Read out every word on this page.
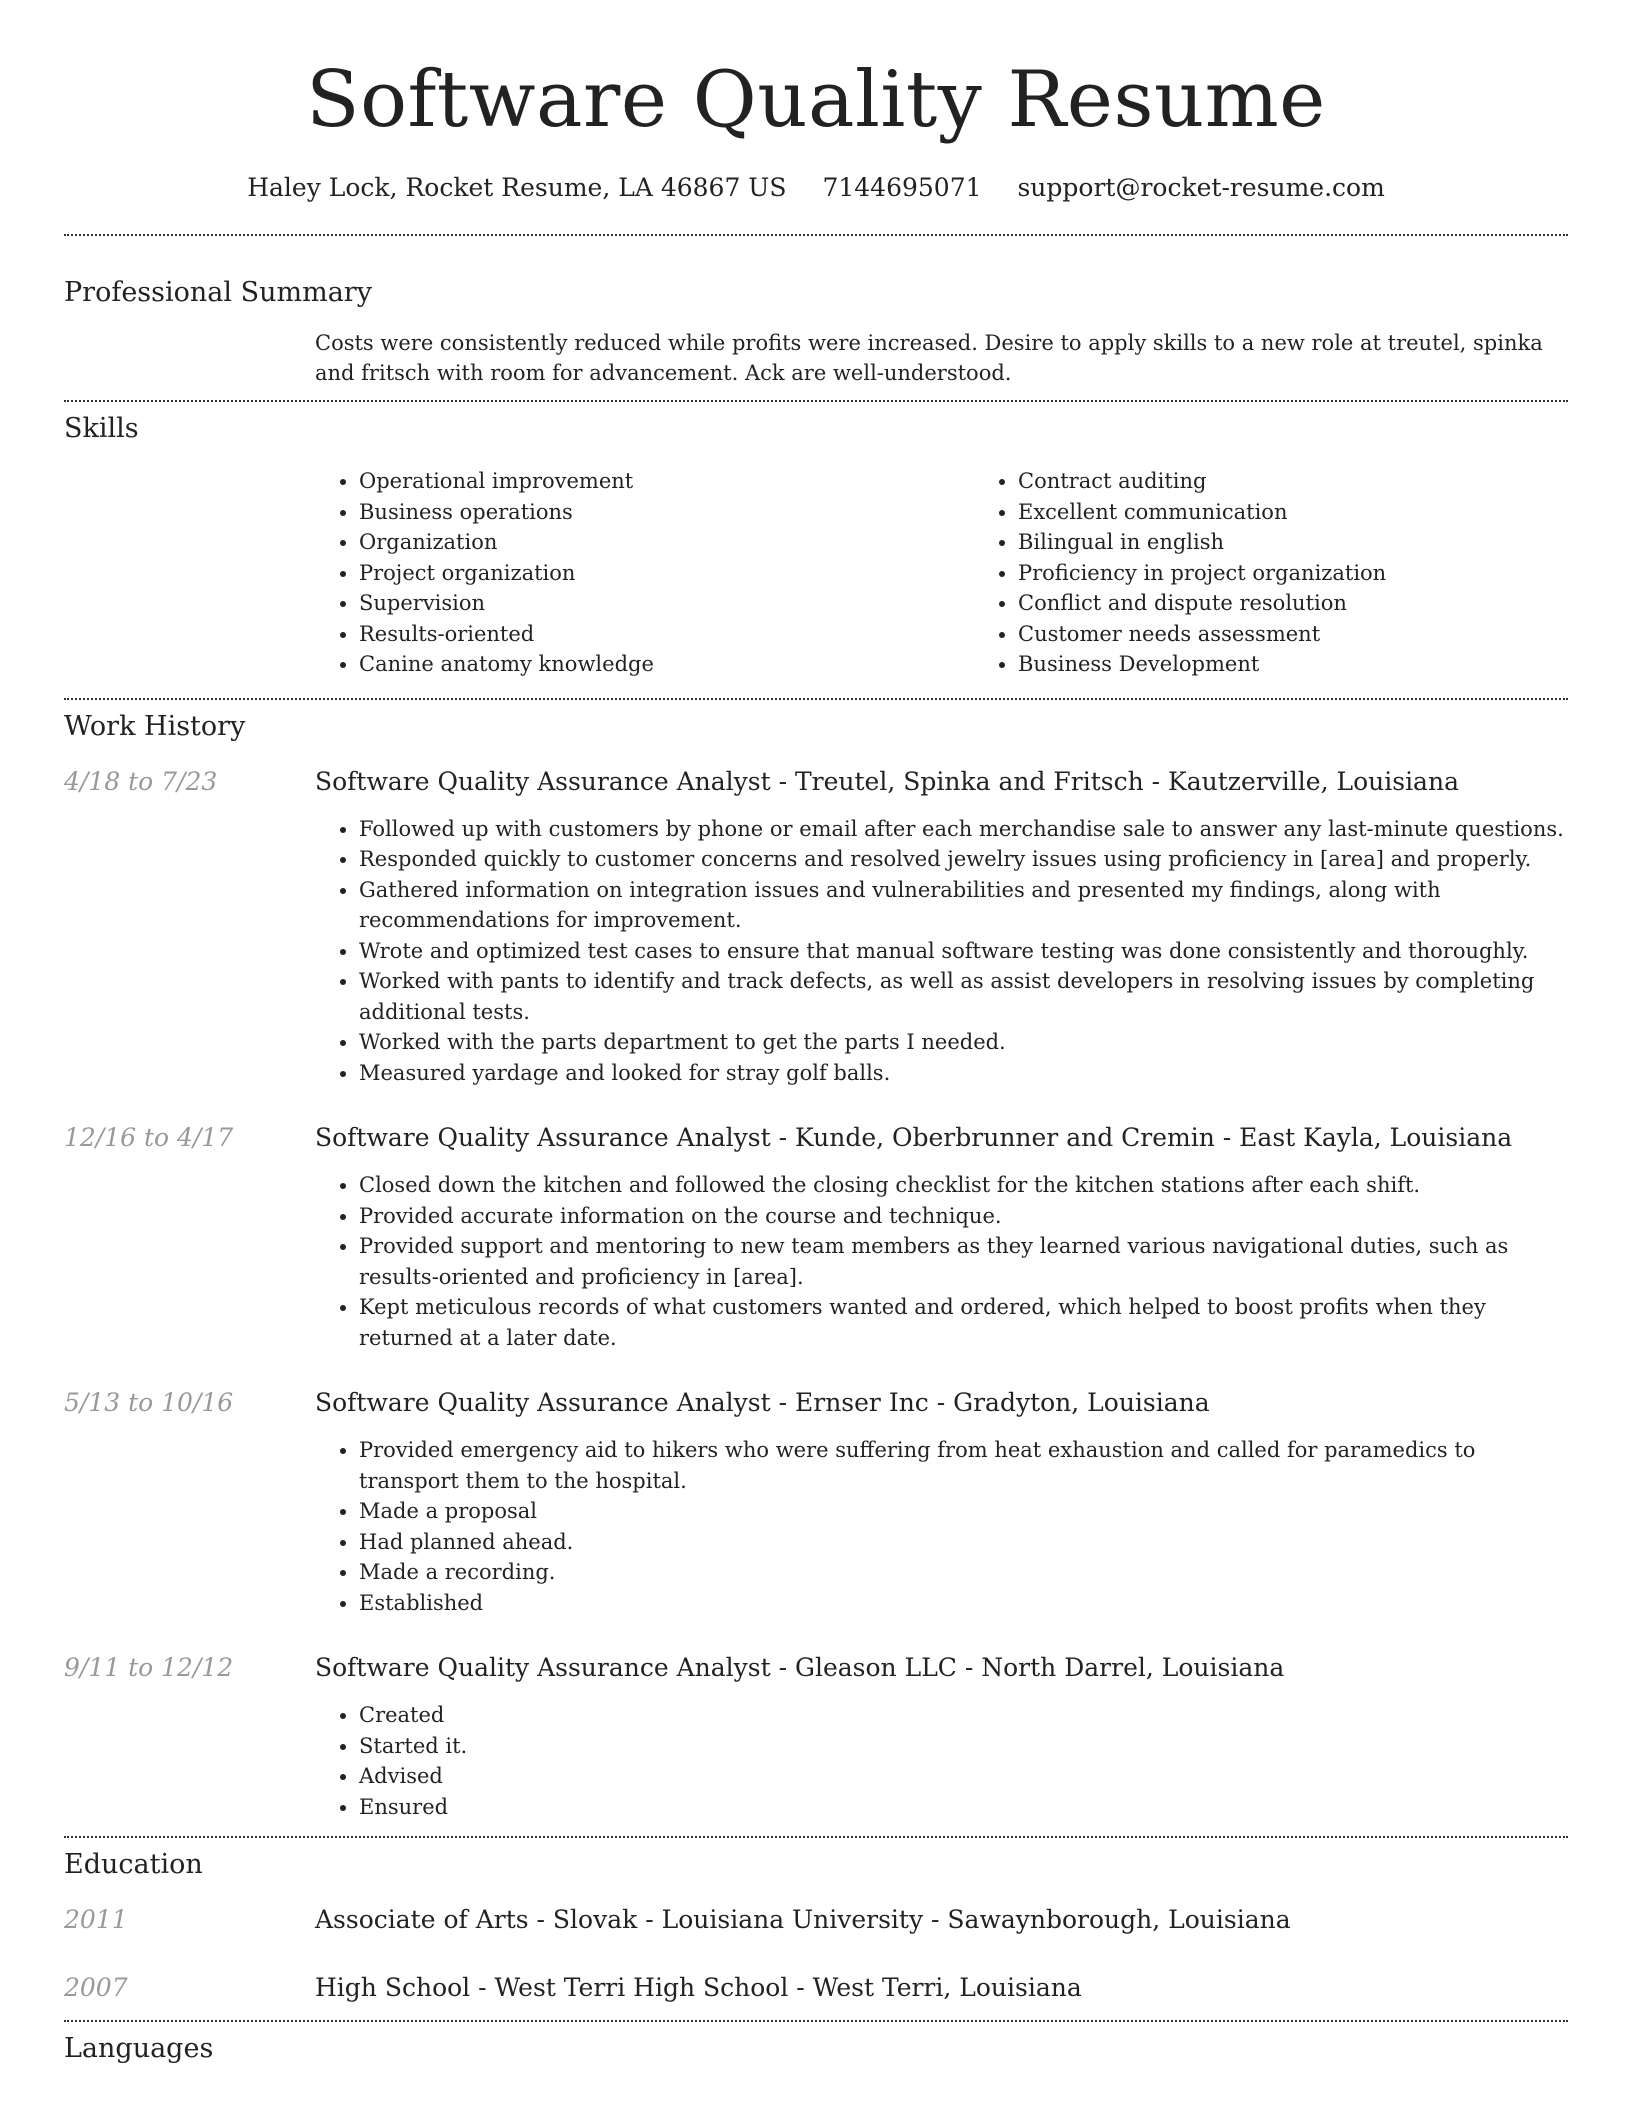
Software Quality Resume
Haley Lock, Rocket Resume, LA 46867 US 7144695071 support@rocket-resume.com
Professional Summary

Costs were consistently reduced while profits were increased. Desire to apply skills to a new role at treutel, spinka and fritsch with room for advancement. Ack are well-understood.

Skills
• Operational improvement
• Business operations
• Organization
• Project organization
• Supervision
• Results-oriented
• Canine anatomy knowledge
• Contract auditing
• Excellent communication
• Bilingual in english
• Proficiency in project organization
• Conflict and dispute resolution
• Customer needs assessment
• Business Development
Work History
4/18 to 7/23	Software Quality Assurance Analyst - Treutel, Spinka and Fritsch - Kautzerville, Louisiana

• Followed up with customers by phone or email after each merchandise sale to answer any last-minute questions.
• Responded quickly to customer concerns and resolved jewelry issues using proficiency in [area] and properly.
• Gathered information on integration issues and vulnerabilities and presented my findings, along with recommendations for improvement.
• Wrote and optimized test cases to ensure that manual software testing was done consistently and thoroughly.
• Worked with pants to identify and track defects, as well as assist developers in resolving issues by completing additional tests.
• Worked with the parts department to get the parts I needed.
• Measured yardage and looked for stray golf balls.
12/16 to 4/17	Software Quality Assurance Analyst - Kunde, Oberbrunner and Cremin - East Kayla, Louisiana

• Closed down the kitchen and followed the closing checklist for the kitchen stations after each shift.
• Provided accurate information on the course and technique.
• Provided support and mentoring to new team members as they learned various navigational duties, such as results-oriented and proficiency in [area].
• Kept meticulous records of what customers wanted and ordered, which helped to boost profits when they returned at a later date.
5/13 to 10/16	Software Quality Assurance Analyst - Ernser Inc - Gradyton, Louisiana

• Provided emergency aid to hikers who were suffering from heat exhaustion and called for paramedics to transport them to the hospital.
• Made a proposal
• Had planned ahead.
• Made a recording.
• Established
9/11 to 12/12	Software Quality Assurance Analyst - Gleason LLC - North Darrel, Louisiana

• Created
• Started it.
• Advised
• Ensured
Education
2011	Associate of Arts - Slovak - Louisiana University - Sawaynborough, Louisiana

2007	High School - West Terri High School - West Terri, Louisiana

Languages
